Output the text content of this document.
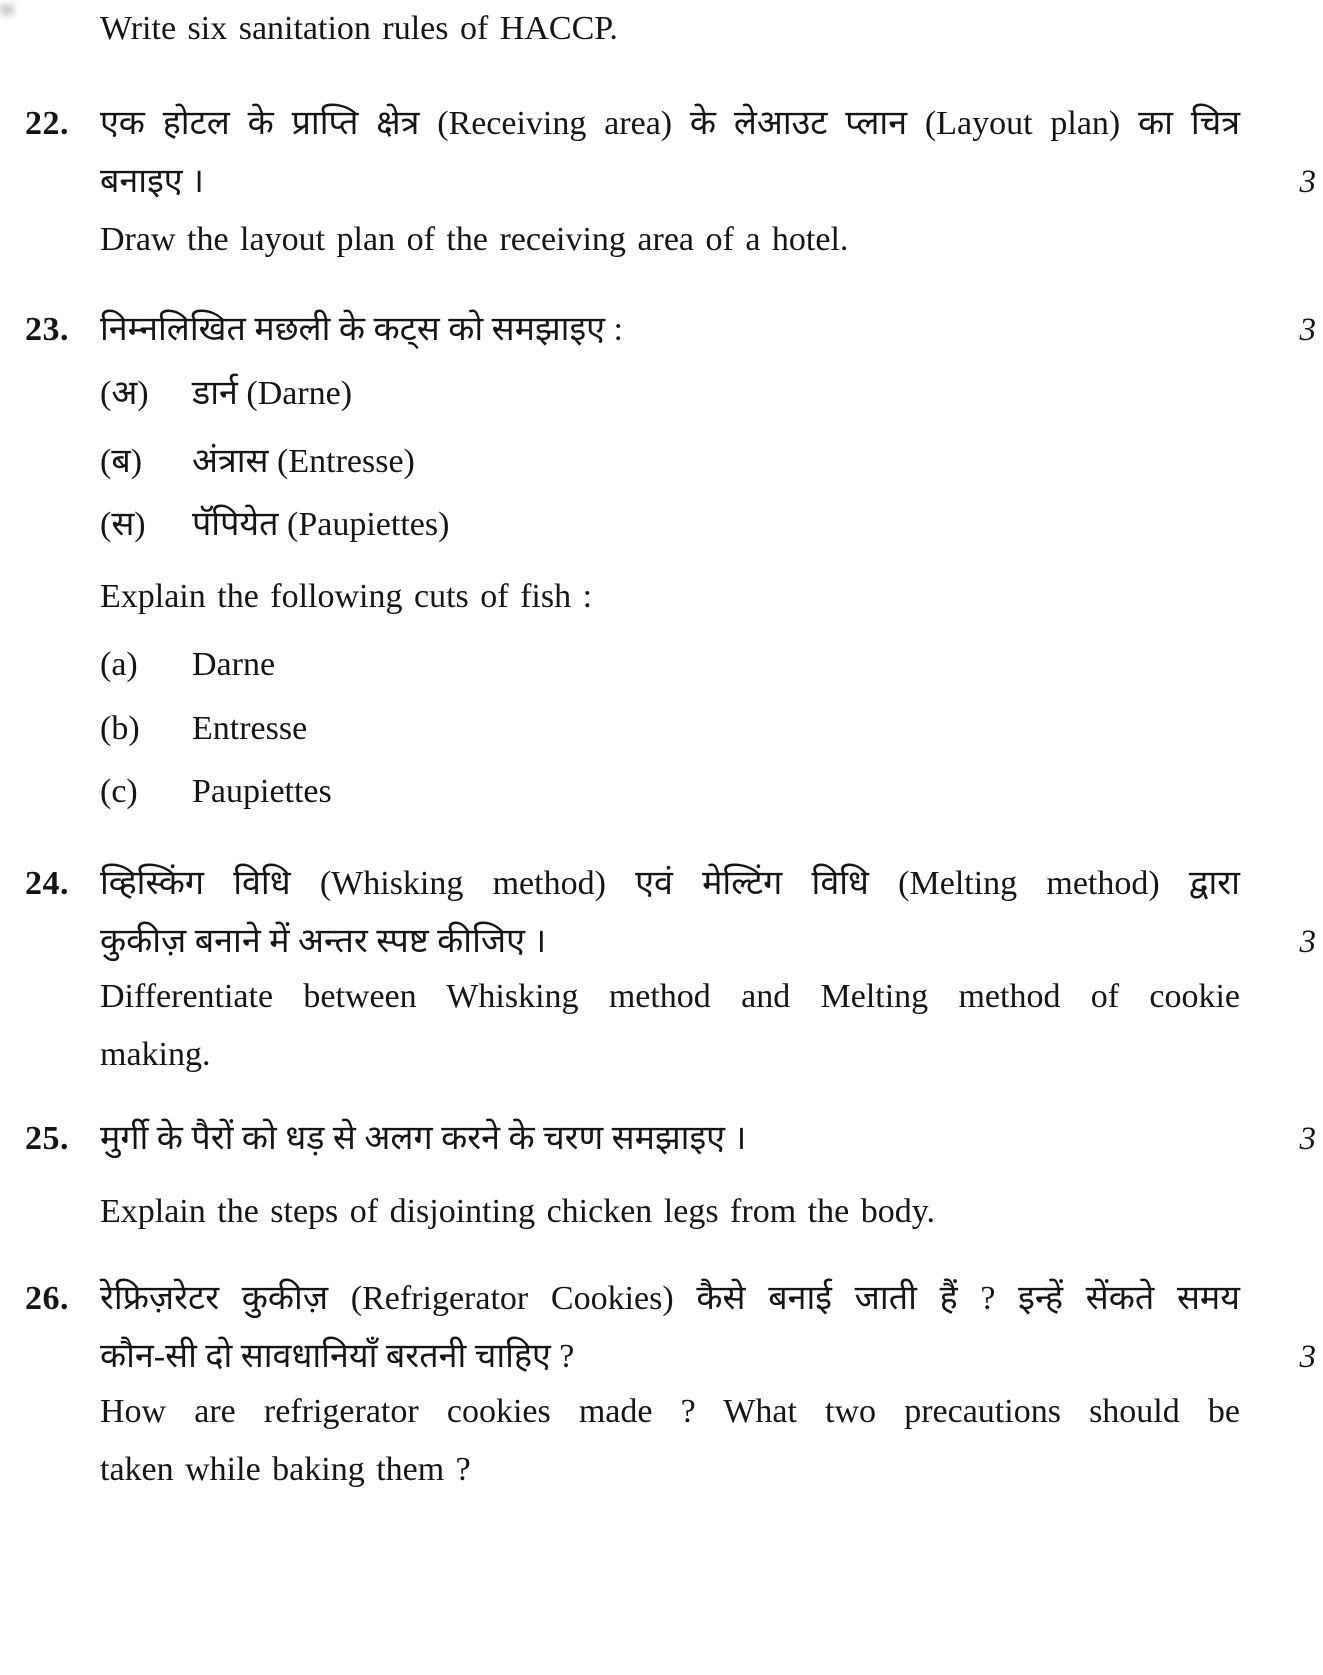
Write six sanitation rules of HACCP.
22. एक होटल के प्राप्ति क्षेत्र (Receiving area) के लेआउट प्लान (Layout plan) का चित्र
बनाइए ।	3
Draw the layout plan of the receiving area of a hotel.
23. निम्नलिखित मछली के कट्स को समझाइए :	3
(अ)	डार्न (Darne)
(ब)	अंत्रास (Entresse)
(स)	पॅपियेत (Paupiettes)
Explain the following cuts of fish :
(a)	Darne
(b)	Entresse
(c)	Paupiettes
24. व्हिस्किंग विधि (Whisking method) एवं मेल्टिंग विधि (Melting method) द्वारा
कुकीज़ बनाने में अन्तर स्पष्ट कीजिए ।	3
Differentiate between Whisking method and Melting method of cookie
making.
25. मुर्गी के पैरों को धड़ से अलग करने के चरण समझाइए ।	3
Explain the steps of disjointing chicken legs from the body.
26. रेफ्रिज़रेटर कुकीज़ (Refrigerator Cookies) कैसे बनाई जाती हैं ? इन्हें सेंकते समय
कौन-सी दो सावधानियाँ बरतनी चाहिए ?	3
How are refrigerator cookies made ? What two precautions should be
taken while baking them ?
